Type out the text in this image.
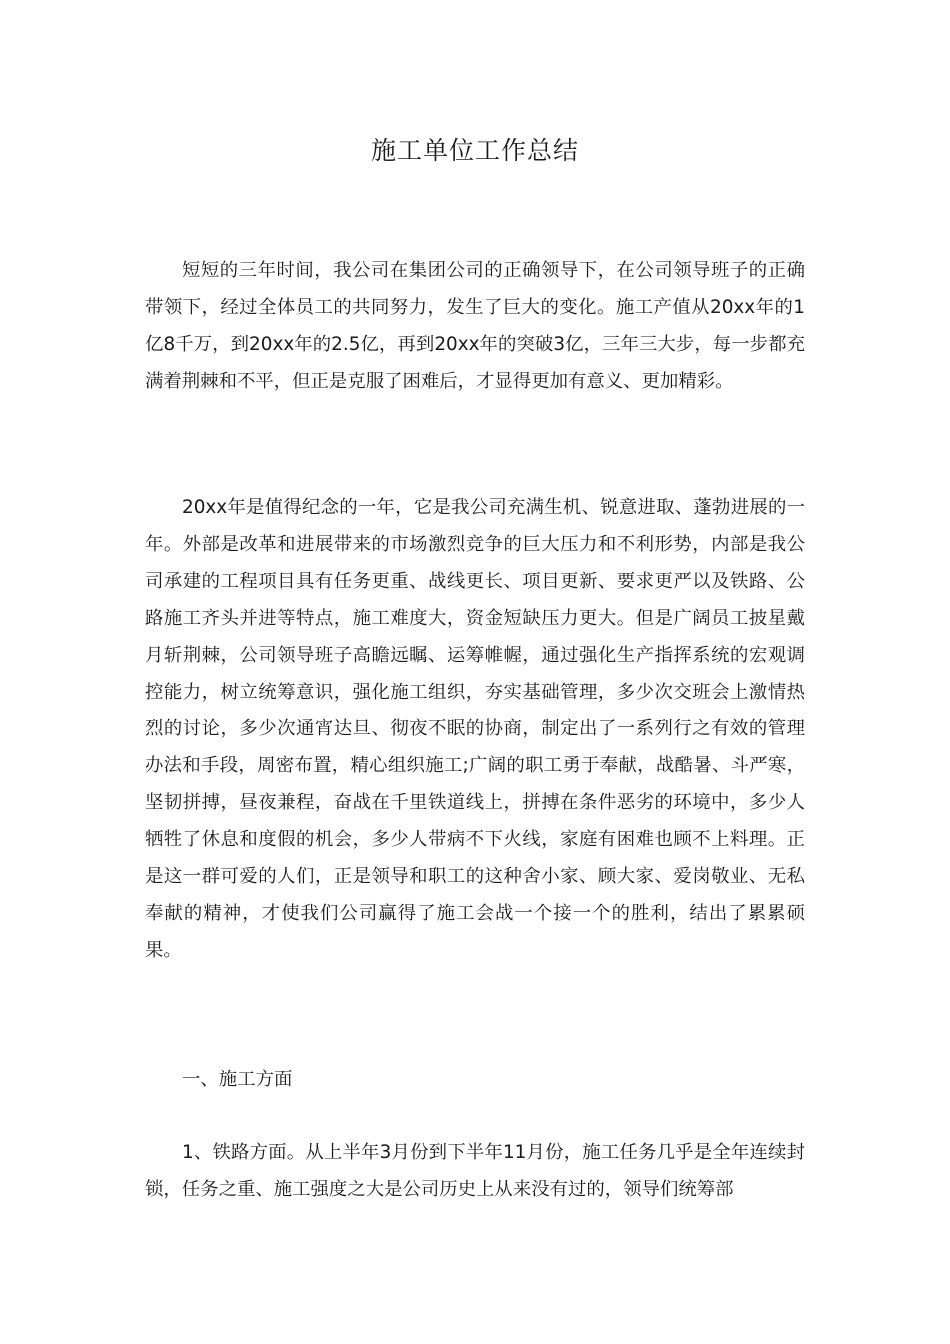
施工单位工作总结

短短的三年时间，我公司在集团公司的正确领导下，在公司领导班子的正确带领下，经过全体员工的共同努力，发生了巨大的变化。施工产值从20xx年的1亿8千万，到20xx年的2.5亿，再到20xx年的突破3亿，三年三大步，每一步都充满着荆棘和不平，但正是克服了困难后，才显得更加有意义、更加精彩。

20xx年是值得纪念的一年，它是我公司充满生机、锐意进取、蓬勃进展的一年。外部是改革和进展带来的市场激烈竞争的巨大压力和不利形势，内部是我公司承建的工程项目具有任务更重、战线更长、项目更新、要求更严以及铁路、公路施工齐头并进等特点，施工难度大，资金短缺压力更大。但是广阔员工披星戴月斩荆棘，公司领导班子高瞻远瞩、运筹帷幄，通过强化生产指挥系统的宏观调控能力，树立统筹意识，强化施工组织，夯实基础管理，多少次交班会上激情热烈的讨论，多少次通宵达旦、彻夜不眠的协商，制定出了一系列行之有效的管理办法和手段，周密布置，精心组织施工;广阔的职工勇于奉献，战酷暑、斗严寒，坚韧拼搏，昼夜兼程，奋战在千里铁道线上，拼搏在条件恶劣的环境中，多少人牺牲了休息和度假的机会，多少人带病不下火线，家庭有困难也顾不上料理。正是这一群可爱的人们，正是领导和职工的这种舍小家、顾大家、爱岗敬业、无私奉献的精神，才使我们公司赢得了施工会战一个接一个的胜利，结出了累累硕果。

一、施工方面

1、铁路方面。从上半年3月份到下半年11月份，施工任务几乎是全年连续封锁，任务之重、施工强度之大是公司历史上从来没有过的，领导们统筹部
